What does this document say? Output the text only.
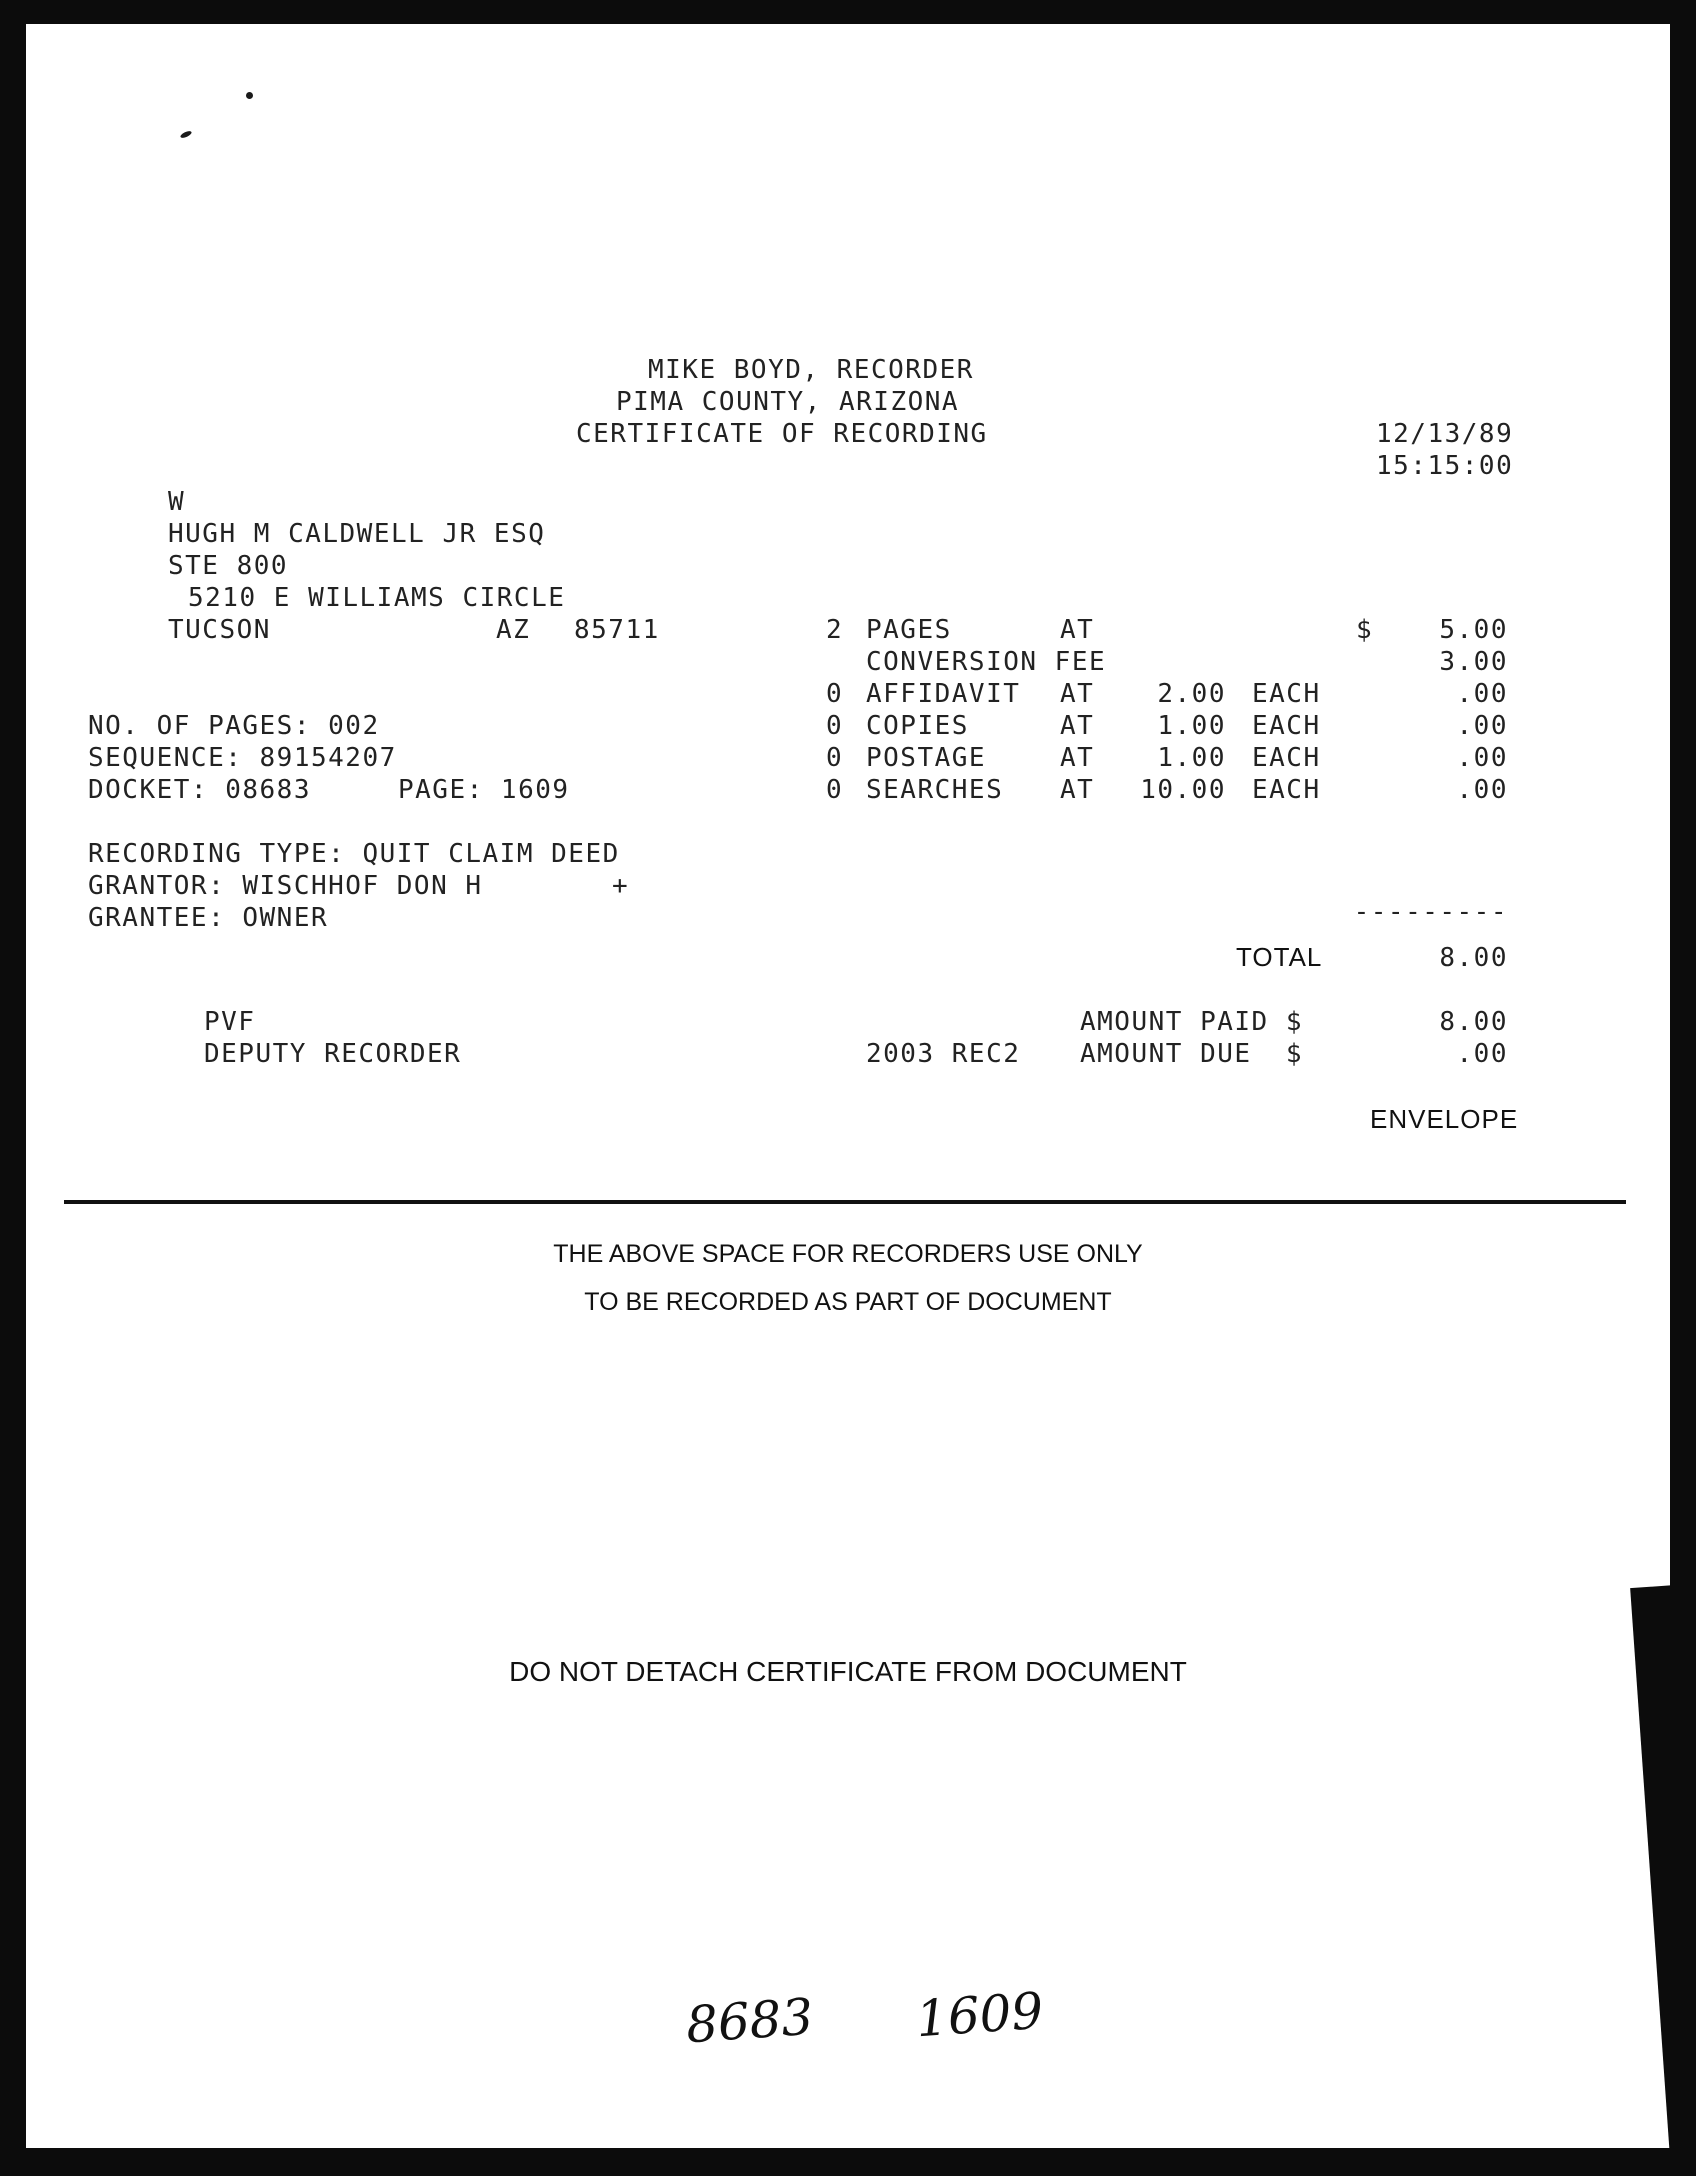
MIKE BOYD, RECORDER
PIMA COUNTY, ARIZONA
CERTIFICATE OF RECORDING	12/13/89
15:15:00
W
HUGH M CALDWELL JR ESQ
STE 800
5210 E WILLIAMS CIRCLE
TUCSON	AZ 85711	2 PAGES	AT	$	5.00
CONVERSION FEE	3.00
0 AFFIDAVIT AT	2.00 EACH	.00
0 COPIES	AT	1.00 EACH	.00
0 POSTAGE	AT	1.00 EACH	.00
0 SEARCHES AT	10.00 EACH	.00
NO. OF PAGES: 002
SEQUENCE: 89154207
DOCKET: 08683	PAGE: 1609
RECORDING TYPE: QUIT CLAIM DEED
GRANTOR: WISCHHOF DON H	+
GRANTEE: OWNER	---------
TOTAL	8.00
PVF
DEPUTY RECORDER	2003 REC2
AMOUNT PAID $	8.00
AMOUNT DUE  $	.00
ENVELOPE
THE ABOVE SPACE FOR RECORDERS USE ONLY
TO BE RECORDED AS PART OF DOCUMENT
DO NOT DETACH CERTIFICATE FROM DOCUMENT
8683 1609
